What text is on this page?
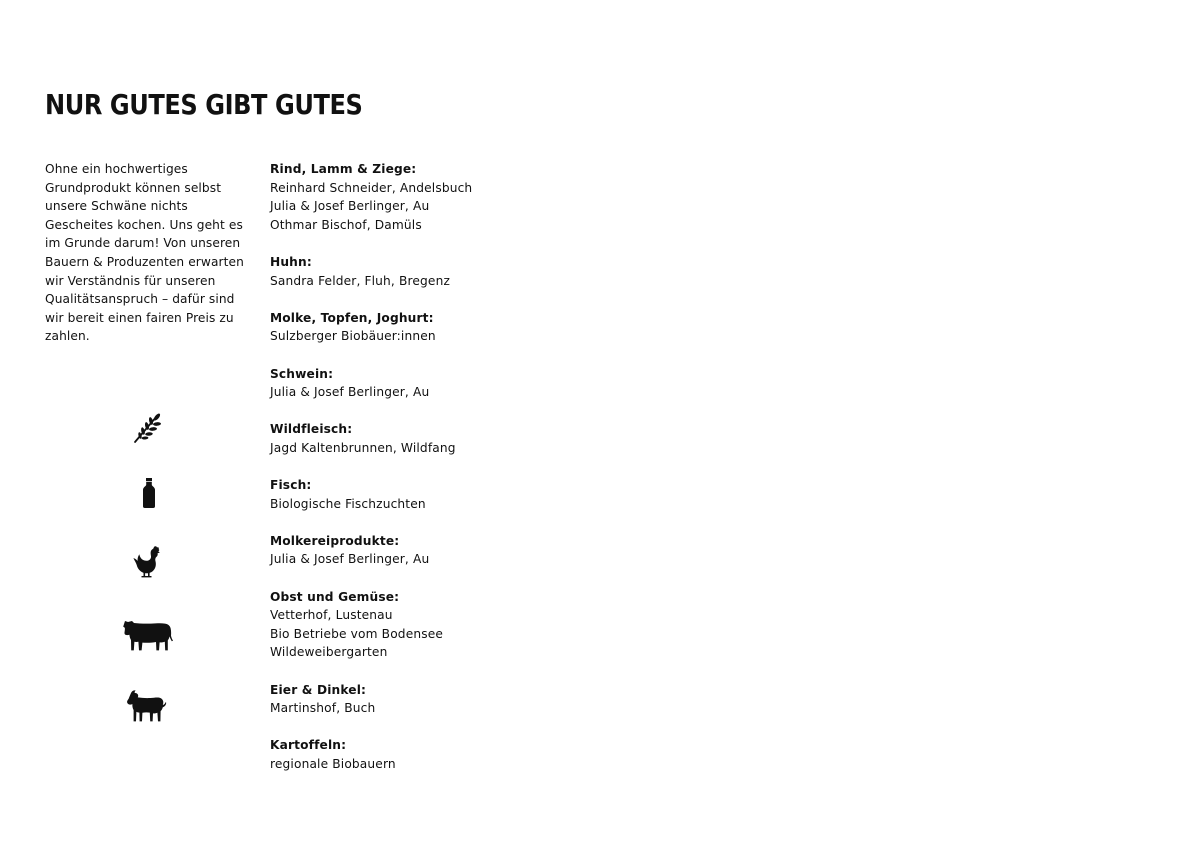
NUR GUTES GIBT GUTES

Ohne ein hochwertiges
Grundprodukt können selbst
unsere Schwäne nichts
Gescheites kochen. Uns geht es
im Grunde darum! Von unseren
Bauern & Produzenten erwarten
wir Verständnis für unseren
Qualitätsanspruch – dafür sind
wir bereit einen fairen Preis zu
zahlen.

Rind, Lamm & Ziege:
Reinhard Schneider, Andelsbuch
Julia & Josef Berlinger, Au
Othmar Bischof, Damüls
Huhn:
Sandra Felder, Fluh, Bregenz
Molke, Topfen, Joghurt:
Sulzberger Biobäuer:innen
Schwein:
Julia & Josef Berlinger, Au
Wildfleisch:
Jagd Kaltenbrunnen, Wildfang
Fisch:
Biologische Fischzuchten
Molkereiprodukte:
Julia & Josef Berlinger, Au
Obst und Gemüse:
Vetterhof, Lustenau
Bio Betriebe vom Bodensee
Wildeweibergarten
Eier & Dinkel:
Martinshof, Buch
Kartoffeln:
regionale Biobauern
